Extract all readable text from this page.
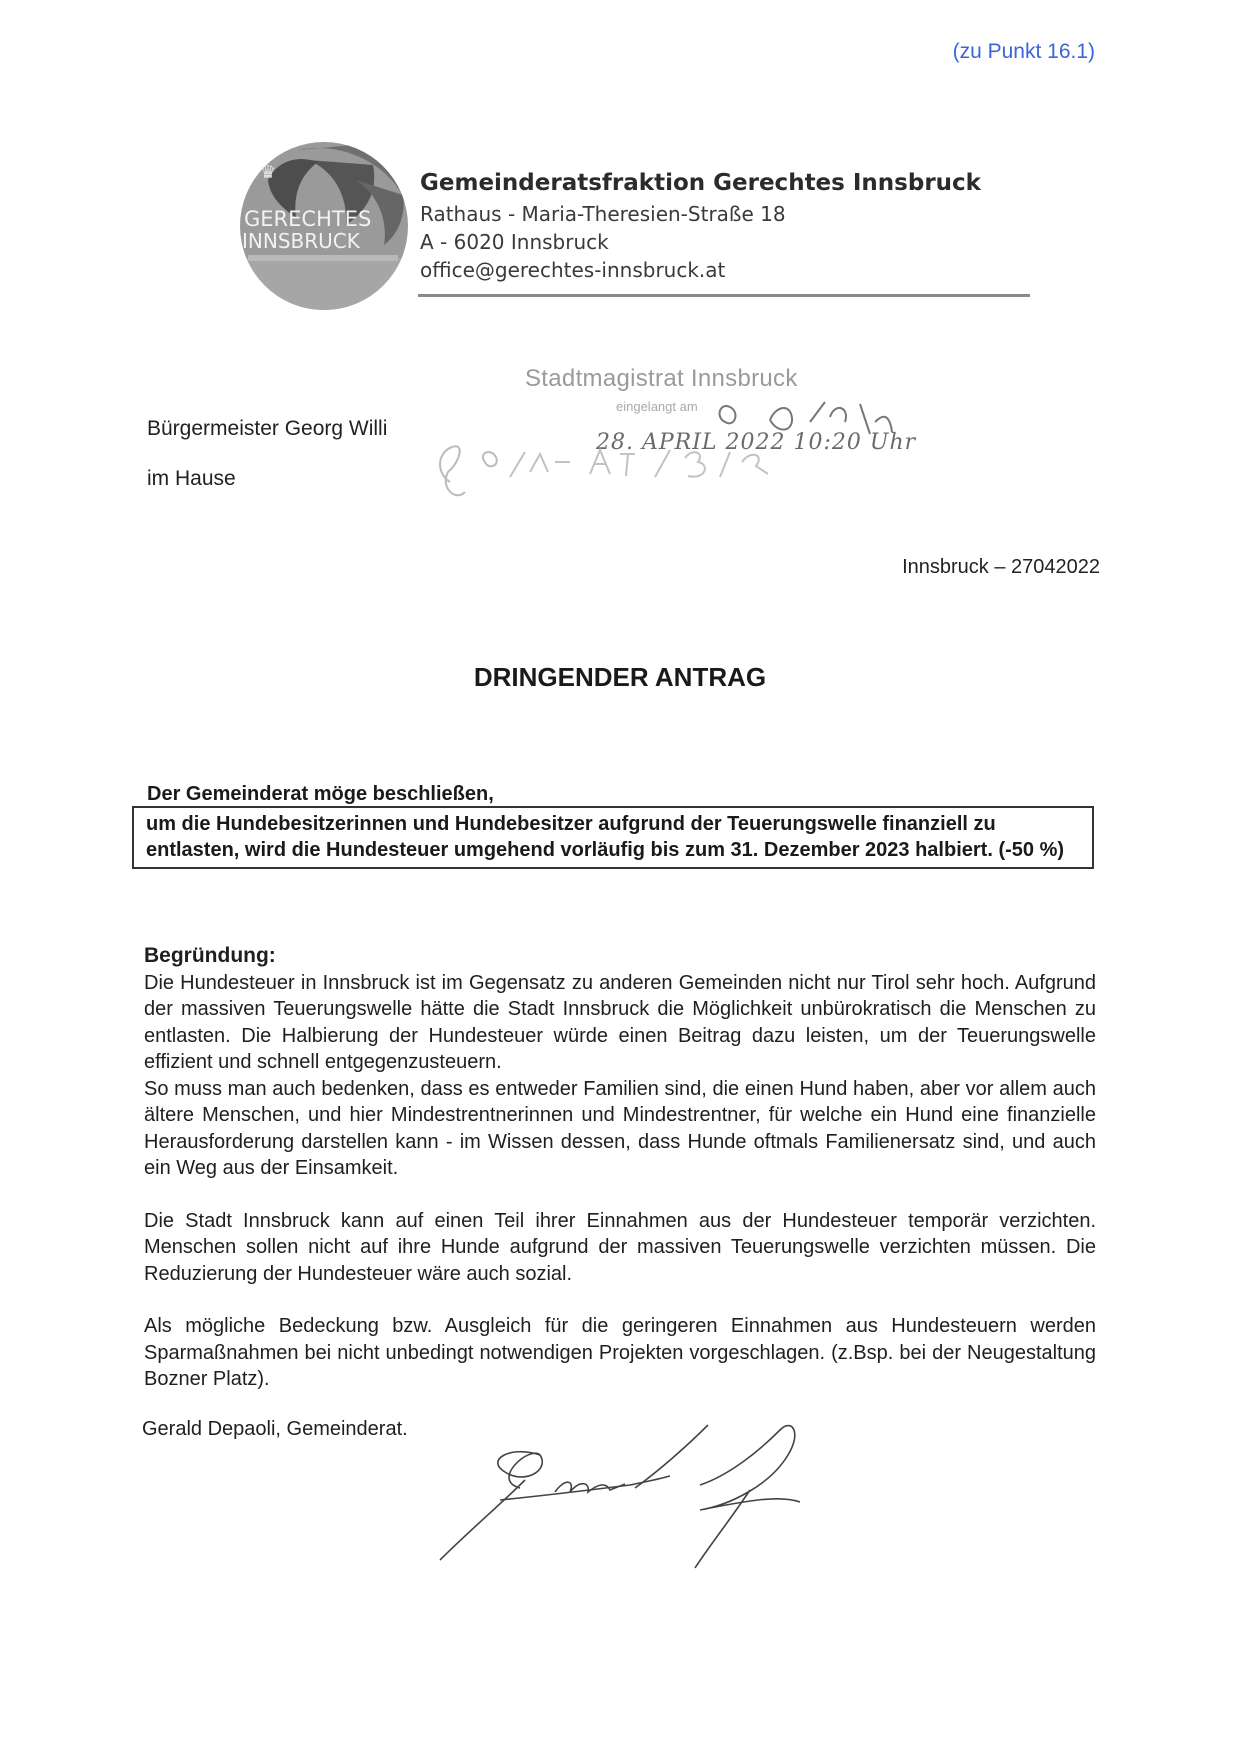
(zu Punkt 16.1)
♛
GERECHTES
INNSBRUCK
Gemeinderatsfraktion Gerechtes Innsbruck
Rathaus - Maria-Theresien-Straße 18
A - 6020 Innsbruck
office@gerechtes-innsbruck.at
Bürgermeister Georg Willi
im Hause
Stadtmagistrat Innsbruck
eingelangt am
28. APRIL 2022 10:20 Uhr
Innsbruck – 27042022
DRINGENDER ANTRAG
Der Gemeinderat möge beschließen,
um die Hundebesitzerinnen und Hundebesitzer aufgrund der Teuerungswelle finanziell zu entlasten, wird die Hundesteuer umgehend vorläufig bis zum 31. Dezember 2023 halbiert. (-50 %)

Begründung:

Die Hundesteuer in Innsbruck ist im Gegensatz zu anderen Gemeinden nicht nur Tirol sehr hoch. Aufgrund der massiven Teuerungswelle hätte die Stadt Innsbruck die Möglichkeit unbürokratisch die Menschen zu entlasten. Die Halbierung der Hundesteuer würde einen Beitrag dazu leisten, um der Teuerungswelle effizient und schnell entgegenzusteuern.

So muss man auch bedenken, dass es entweder Familien sind, die einen Hund haben, aber vor allem auch ältere Menschen, und hier Mindestrentnerinnen und Mindestrentner, für welche ein Hund eine finanzielle Herausforderung darstellen kann - im Wissen dessen, dass Hunde oftmals Familienersatz sind, und auch ein Weg aus der Einsamkeit.

Die Stadt Innsbruck kann auf einen Teil ihrer Einnahmen aus der Hundesteuer temporär verzichten. Menschen sollen nicht auf ihre Hunde aufgrund der massiven Teuerungswelle verzichten müssen. Die Reduzierung der Hundesteuer wäre auch sozial.

Als mögliche Bedeckung bzw. Ausgleich für die geringeren Einnahmen aus Hundesteuern werden Sparmaßnahmen bei nicht unbedingt notwendigen Projekten vorgeschlagen. (z.Bsp. bei der Neugestaltung Bozner Platz).

Gerald Depaoli, Gemeinderat.
